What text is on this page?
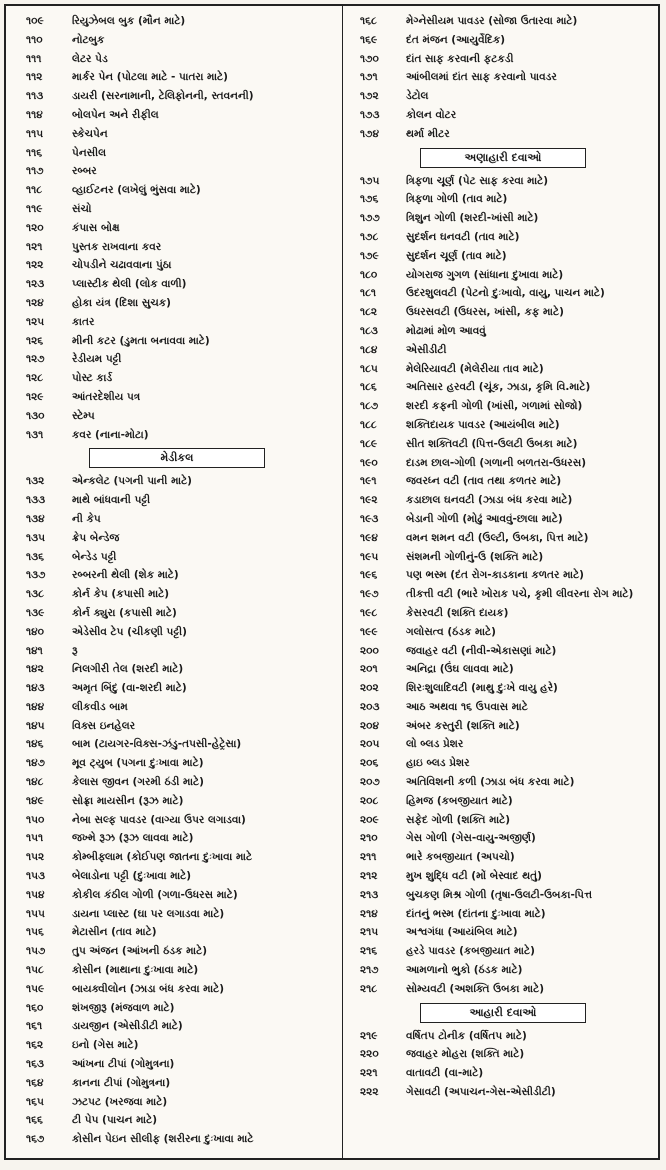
૧૦૯	રિયુઝેબલ બુક (મૌન માટે)
૧૧૦	નોટબુક
૧૧૧	લેટર પેડ
૧૧૨	માર્કર પેન (પોટલા માટે - પાતરા માટે)
૧૧૩	ડાયરી (સરનામાની, ટેલિફોનની, સ્તવનની)
૧૧૪	બોલપેન અને રીફીલ
૧૧૫	સ્કેચપેન
૧૧૬	પેનસીલ
૧૧૭	રબ્બર
૧૧૮	વ્હાઈટનર (લખેલું ભુંસવા માટે)
૧૧૯	સંચો
૧૨૦	કંપાસ બોક્ષ
૧૨૧	પુસ્તક રાખવાના કવર
૧૨૨	ચોપડીને ચઢાવવાના પુંઠા
૧૨૩	પ્લાસ્ટીક થેલી (લોક વાળી)
૧૨૪	હોકા યંત્ર (દિશા સુચક)
૧૨૫	કાતર
૧૨૬	મીની કટર (ડુમતા બનાવવા માટે)
૧૨૭	રેડીયમ પટ્ટી
૧૨૮	પોસ્ટ કાર્ડ
૧૨૯	આંતરદેશીય પત્ર
૧૩૦	સ્ટેમ્પ
૧૩૧	કવર (નાના-મોટા)
મેડીકલ
૧૩૨	એન્કલેટ (પગની પાની માટે)
૧૩૩	માથે બાંધવાની પટ્ટી
૧૩૪	ની કેપ
૧૩૫	ક્રેપ બેન્ડેજ
૧૩૬	બેન્ડેડ પટ્ટી
૧૩૭	રબ્બરની થેલી (શેક માટે)
૧૩૮	કોર્ન કેપ (કપાસી માટે)
૧૩૯	કોર્ન ક્યુરા (કપાસી માટે)
૧૪૦	એડેસીવ ટેપ (ચીકણી પટ્ટી)
૧૪૧	રૂ
૧૪૨	નિલગીરી તેલ (શરદી માટે)
૧૪૩	અમૃત બિંદુ (વા-શરદી માટે)
૧૪૪	લીકવીડ બામ
૧૪૫	વિક્સ ઇનહેલર
૧૪૬	બામ (ટાયગર-વિક્સ-ઝંડુ-તપસી-હેટ્રેસા)
૧૪૭	મૂવ ટ્યુબ (પગના દુઃખાવા માટે)
૧૪૮	કેલાસ જીવન (ગરમી ઠંડી માટે)
૧૪૯	સોફ્રા માયસીન (રૂઝ માટે)
૧૫૦	નેબા સલ્ફ પાવડર (વાગ્યા ઉપર લગાડવા)
૧૫૧	જખ્મે રૂઝ (રૂઝ લાવવા માટે)
૧૫૨	કોમ્બીફ્લામ (કોઈપણ જાતના દુઃખાવા માટે
૧૫૩	બેલાડોના પટ્ટી (દુઃખાવા માટે)
૧૫૪	કોકીલ કંઠીલ ગોળી (ગળા-ઉધરસ માટે)
૧૫૫	ડાયના પ્લાસ્ટ (ઘા પર લગાડવા માટે)
૧૫૬	મેટાસીન (તાવ માટે)
૧૫૭	તુપ અંજન (આંખની ઠંડક માટે)
૧૫૮	કોસીન (માથાના દુઃખાવા માટે)
૧૫૯	બાયક્વીલોન (ઝાડા બંધ કરવા માટે)
૧૬૦	શંખજીરૂ (મંજવાળ માટે)
૧૬૧	ડાયજીન (એસીડીટી માટે)
૧૬૨	ઇનો (ગેસ માટે)
૧૬૩	આંખના ટીપાં (ગોમુત્રના)
૧૬૪	કાનના ટીપાં (ગોમુત્રના)
૧૬૫	ઝટપટ (ખરજવા માટે)
૧૬૬	ટી પેપ (પાચન માટે)
૧૬૭	કોસીન પેઇન સીલીફ (શરીરના દુઃખાવા માટે
૧૬૮	મેગ્નેસીયમ પાવડર (સોજા ઉતારવા માટે)
૧૬૯	દંત મંજન (આયુર્વેદિક)
૧૭૦	દાંત સાફ કરવાની ફટકડી
૧૭૧	આંબીલમાં દાંત સાફ કરવાનો પાવડર
૧૭૨	ડેટોલ
૧૭૩	કોલન વોટર
૧૭૪	થર્મા મીટર
અણાહારી દવાઓ
૧૭૫	ત્રિફળા ચૂર્ણ (પેટ સાફ કરવા માટે)
૧૭૬	ત્રિફળા ગોળી (તાવ માટે)
૧૭૭	ત્રિશુન ગોળી (શરદી-ખાંસી માટે)
૧૭૮	સુદર્શન ઘનવટી (તાવ માટે)
૧૭૯	સુદર્શન ચૂર્ણ (તાવ માટે)
૧૮૦	યોગરાજ ગુગળ (સાંધાના દુખાવા માટે)
૧૮૧	ઉદરશુલવટી (પેટનો દુઃખાવો, વાયુ, પાચન માટે)
૧૮૨	ઉધરસવટી (ઉધરસ, ખાંસી, કફ માટે)
૧૮૩	મોઢામાં મોળ આવવું
૧૮૪	એસીડીટી
૧૮૫	મેલેરિયાવટી (મેલેરીયા તાવ માટે)
૧૮૬	અતિસાર હરવટી (ચૂંક, ઝાડા, કૃમિ વિ.માટે)
૧૮૭	શરદી કફની ગોળી (ખાંસી, ગળામાં સોજો)
૧૮૮	શક્તિદાયક પાવડર (આયંબીલ માટે)
૧૮૯	સીત શક્તિવટી (પિત્ત-ઉલટી ઉબકા માટે)
૧૯૦	દાડમ છાલ-ગોળી (ગળાની બળતરા-ઉધરસ)
૧૯૧	જવરધ્ન વટી (તાવ તથા કળતર માટે)
૧૯૨	કડાછાલ ઘનવટી (ઝાડા બંધ કરવા માટે)
૧૯૩	બેડાની ગોળી (મોઢું આવવું-છાલા માટે)
૧૯૪	વમન શમન વટી (ઉલ્ટી, ઉબકા, પિત્ત માટે)
૧૯૫	સંશમની ગોળીનું-ઉ (શક્તિ માટે)
૧૯૬	પણ ભસ્મ (દંત રોગ-કાડકાના કળતર માટે)
૧૯૭	તીક્ત્તી વટી (ભારે ખોરાક પચે, કૃમી લીવરના રોગ માટે)
૧૯૮	કેસરવટી (શક્તિ દાયક)
૧૯૯	ગલોસત્વ (ઠંડક માટે)
૨૦૦	જવાહર વટી (નીવી-એકાસણાં માટે)
૨૦૧	અનિદ્રા (ઉંઘ લાવવા માટે)
૨૦૨	શિરઃશુલાદિવટી (માથુ દુઃખે વાયુ હરે)
૨૦૩	આઠ અથવા ૧૬ ઉપવાસ માટે
૨૦૪	અંબર કસ્તુરી (શક્તિ માટે)
૨૦૫	લો બ્લડ પ્રેશર
૨૦૬	હાઇ બ્લડ પ્રેશર
૨૦૭	અતિવિશની કળી (ઝાડા બંધ કરવા માટે)
૨૦૮	હિમજ (કબજીયાત માટે)
૨૦૯	સફેદ ગોળી (શક્તિ માટે)
૨૧૦	ગેસ ગોળી (ગેસ-વાયુ-અજીર્ણ)
૨૧૧	ભારે કબજીયાત (અપચો)
૨૧૨	મુખ શુદ્ધિ વટી (મોં બેસ્વાદ થતું)
૨૧૩	બુચકણ મિશ્ર ગોળી (તૃષા-ઉલટી-ઉબકા-પિત્ત
૨૧૪	દાંતનું ભસ્મ (દાંતના દુઃખાવા માટે)
૨૧૫	અશ્વગંધા (આયંબિલ માટે)
૨૧૬	હરડે પાવડર (કબજીયાત માટે)
૨૧૭	આમળાનો ભુકો (ઠંડક માટે)
૨૧૮	સોમ્યવટી (અશક્તિ ઉબકા માટે)
આહારી દવાઓ
૨૧૯	વર્ષિતપ ટોનીક (વર્ષિતપ માટે)
૨૨૦	જવાહર મોહરા (શક્તિ માટે)
૨૨૧	વાતાવટી (વા-માટે)
૨૨૨	ગેસાવટી (અપાચન-ગેસ-એસીડીટી)
